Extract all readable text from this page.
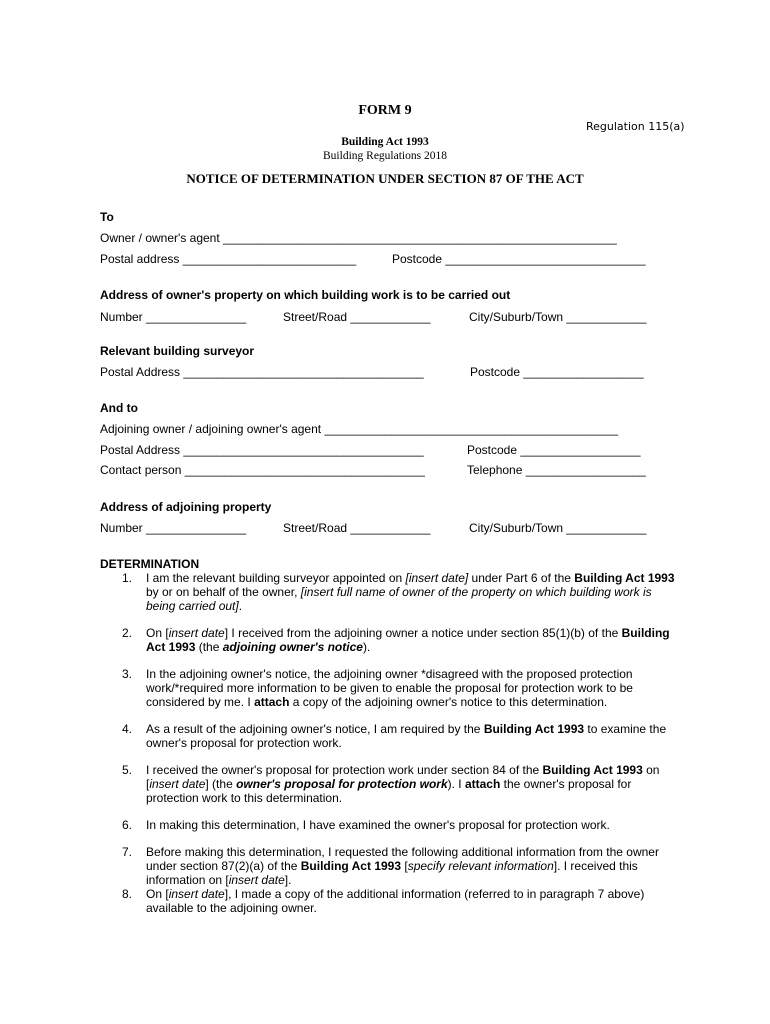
FORM 9
Regulation 115(a)
Building Act 1993
Building Regulations 2018
NOTICE OF DETERMINATION UNDER SECTION 87 OF THE ACT
To
Owner / owner's agent ___________________________________________________________
Postal address __________________________	Postcode ______________________________
Address of owner's property on which building work is to be carried out
Number _______________	Street/Road ____________	City/Suburb/Town ____________
Relevant building surveyor
Postal Address ____________________________________	Postcode __________________
And to
Adjoining owner / adjoining owner's agent ____________________________________________
Postal Address ____________________________________	Postcode __________________
Contact person ____________________________________	Telephone __________________
Address of adjoining property
Number _______________	Street/Road ____________	City/Suburb/Town ____________

DETERMINATION

1. I am the relevant building surveyor appointed on [insert date] under Part 6 of the Building Act 1993 by or on behalf of the owner, [insert full name of owner of the property on which building work is being carried out].
2. On [insert date] I received from the adjoining owner a notice under section 85(1)(b) of the Building Act 1993 (the adjoining owner's notice).
3. In the adjoining owner's notice, the adjoining owner *disagreed with the proposed protection work/*required more information to be given to enable the proposal for protection work to be considered by me. I attach a copy of the adjoining owner's notice to this determination.
4. As a result of the adjoining owner's notice, I am required by the Building Act 1993 to examine the owner's proposal for protection work.
5. I received the owner's proposal for protection work under section 84 of the Building Act 1993 on [insert date] (the owner's proposal for protection work). I attach the owner's proposal for protection work to this determination.
6. In making this determination, I have examined the owner's proposal for protection work.
7. Before making this determination, I requested the following additional information from the owner under section 87(2)(a) of the Building Act 1993 [specify relevant information]. I received this information on [insert date].
8. On [insert date], I made a copy of the additional information (referred to in paragraph 7 above) available to the adjoining owner.
